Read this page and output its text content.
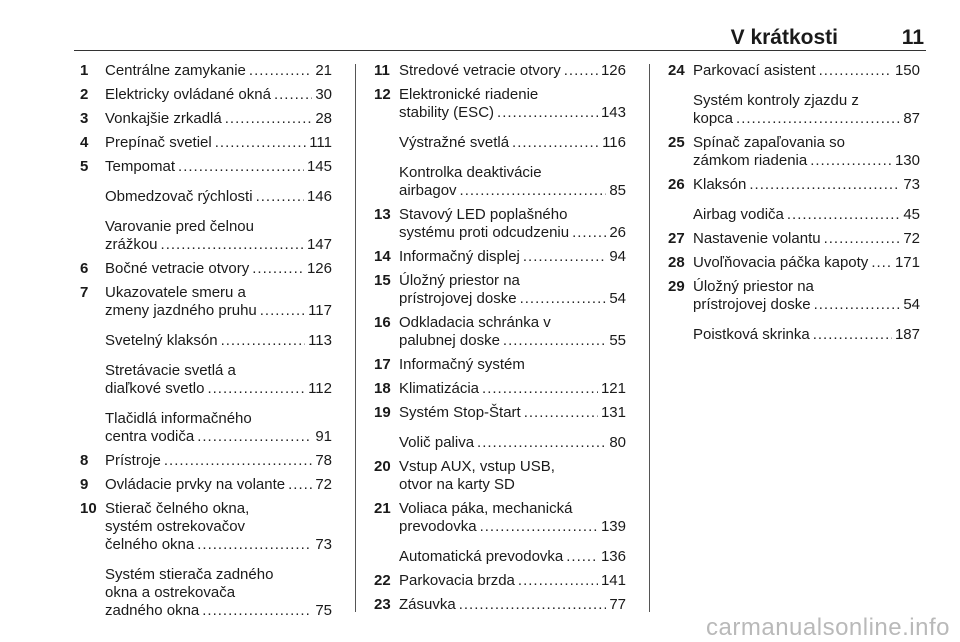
V krátkosti	11
1	Centrálne zamykanie .....	21
2	Elektricky ovládané okná .....	30
3	Vonkajšie zrkadlá .....	28
4	Prepínač svetiel .....	111
5	Tempomat .....	145
Obmedzovač rýchlosti .....	146
Varovanie pred čelnou
zrážkou .....	147
6	Bočné vetracie otvory .....	126
7	Ukazovatele smeru a
zmeny jazdného pruhu .....	117
Svetelný klaksón .....	113
Stretávacie svetlá a
diaľkové svetlo .....	112
Tlačidlá informačného
centra vodiča .....	91
8	Prístroje .....	78
9	Ovládacie prvky na volante ..... 72
10 Stierač čelného okna,
systém ostrekovačov
čelného okna .....	73
Systém stierača zadného
okna a ostrekovača
zadného okna .....	75
11 Stredové vetracie otvory .....	126
12 Elektronické riadenie
stability (ESC) .....	143
Výstražné svetlá .....	116
Kontrolka deaktivácie
airbagov .....	85
13 Stavový LED poplašného
systému proti odcudzeniu .....	26
14 Informačný displej .....	94
15 Úložný priestor na
prístrojovej doske .....	54
16 Odkladacia schránka v
palubnej doske .....	55
17 Informačný systém
18 Klimatizácia .....	121
19 Systém Stop-Štart .....	131
Volič paliva .....	80
20 Vstup AUX, vstup USB,
otvor na karty SD
21 Voliaca páka, mechanická
prevodovka .....	139
Automatická prevodovka .....	136
22 Parkovacia brzda .....	141
23 Zásuvka .....	77
24 Parkovací asistent .....	150
Systém kontroly zjazdu z
kopca .....	87
25 Spínač zapaľovania so
zámkom riadenia .....	130
26 Klaksón .....	73
Airbag vodiča .....	45
27 Nastavenie volantu .....	72
28 Uvoľňovacia páčka kapoty ..... 171
29 Úložný priestor na
prístrojovej doske .....	54
Poistková skrinka .....	187
carmanualsonline.info
